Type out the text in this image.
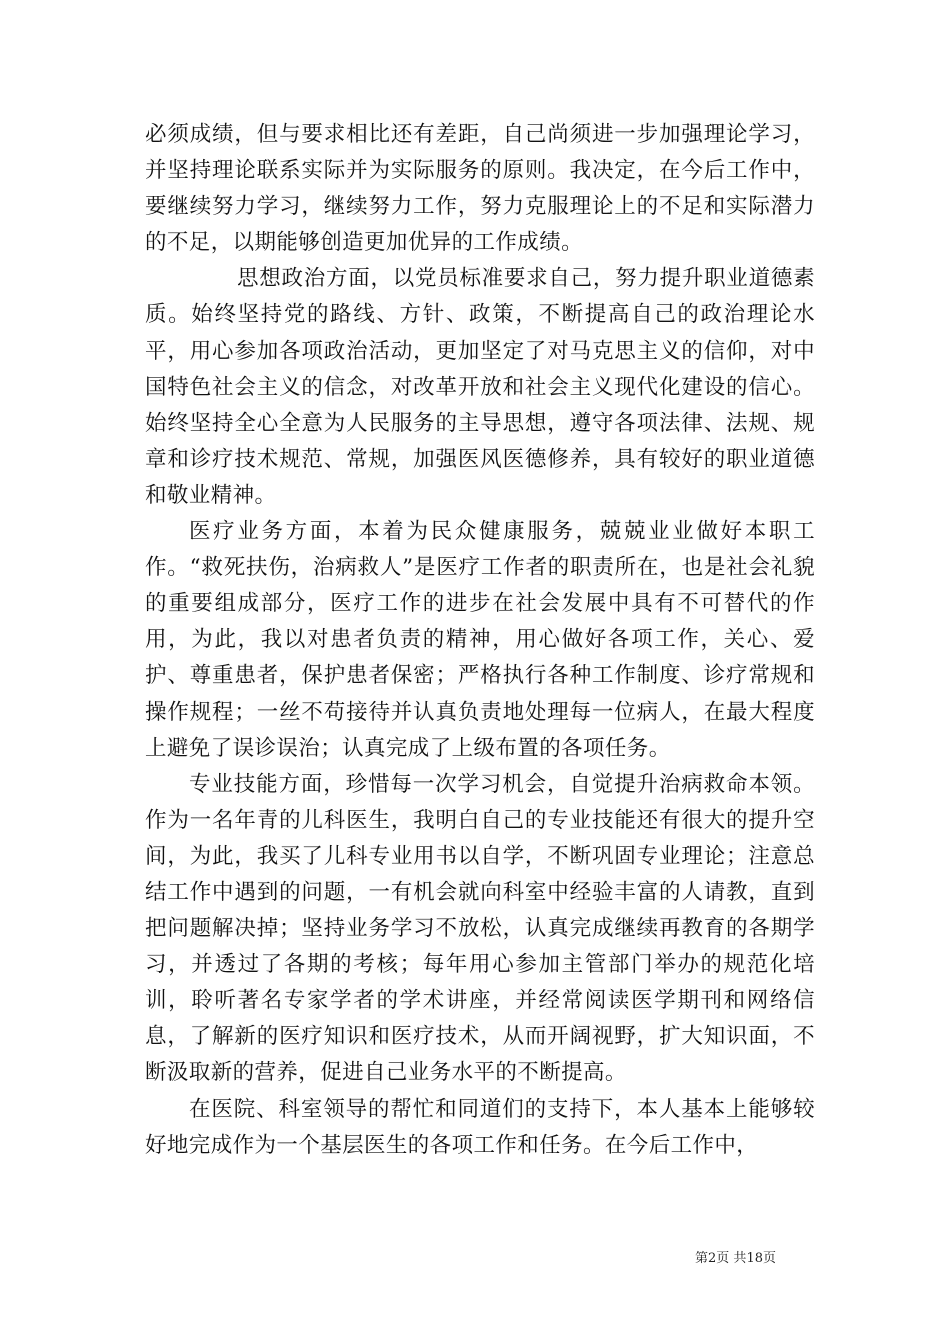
必须成绩，但与要求相比还有差距，自己尚须进一步加强理论学习，并坚持理论联系实际并为实际服务的原则。我决定，在今后工作中，要继续努力学习，继续努力工作，努力克服理论上的不足和实际潜力的不足，以期能够创造更加优异的工作成绩。

思想政治方面，以党员标准要求自己，努力提升职业道德素质。始终坚持党的路线、方针、政策，不断提高自己的政治理论水平，用心参加各项政治活动，更加坚定了对马克思主义的信仰，对中国特色社会主义的信念，对改革开放和社会主义现代化建设的信心。始终坚持全心全意为人民服务的主导思想，遵守各项法律、法规、规章和诊疗技术规范、常规，加强医风医德修养，具有较好的职业道德和敬业精神。

医疗业务方面，本着为民众健康服务，兢兢业业做好本职工作。“救死扶伤，治病救人”是医疗工作者的职责所在，也是社会礼貌的重要组成部分，医疗工作的进步在社会发展中具有不可替代的作用，为此，我以对患者负责的精神，用心做好各项工作，关心、爱护、尊重患者，保护患者保密；严格执行各种工作制度、诊疗常规和操作规程；一丝不苟接待并认真负责地处理每一位病人，在最大程度上避免了误诊误治；认真完成了上级布置的各项任务。

专业技能方面，珍惜每一次学习机会，自觉提升治病救命本领。作为一名年青的儿科医生，我明白自己的专业技能还有很大的提升空间，为此，我买了儿科专业用书以自学，不断巩固专业理论；注意总结工作中遇到的问题，一有机会就向科室中经验丰富的人请教，直到把问题解决掉；坚持业务学习不放松，认真完成继续再教育的各期学习，并透过了各期的考核；每年用心参加主管部门举办的规范化培训，聆听著名专家学者的学术讲座，并经常阅读医学期刊和网络信息，了解新的医疗知识和医疗技术，从而开阔视野，扩大知识面，不断汲取新的营养，促进自己业务水平的不断提高。

在医院、科室领导的帮忙和同道们的支持下，本人基本上能够较好地完成作为一个基层医生的各项工作和任务。在今后工作中，

第2页 共18页
